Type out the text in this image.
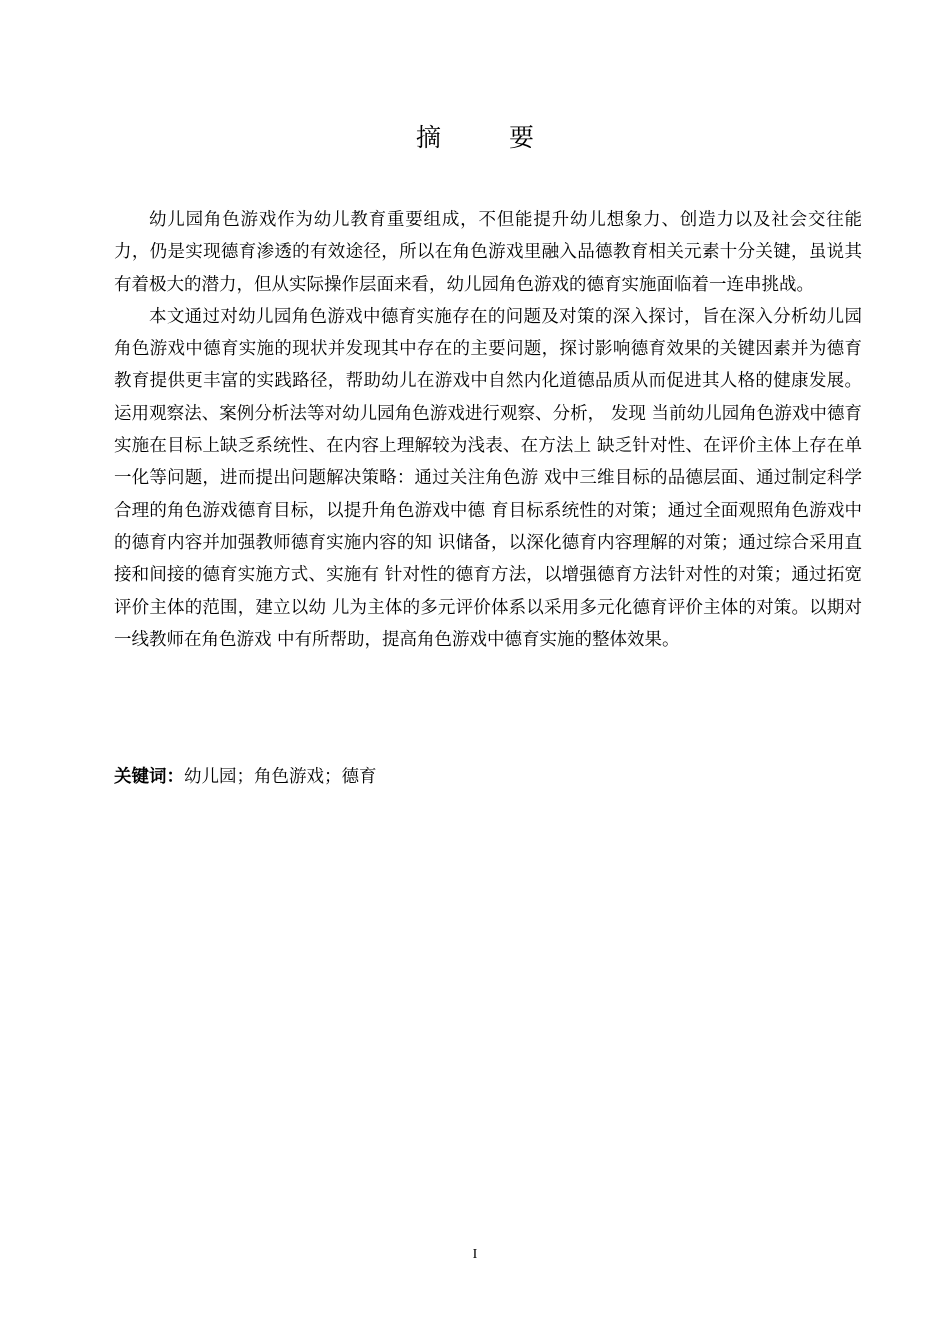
摘 要

幼儿园角色游戏作为幼儿教育重要组成，不但能提升幼儿想象力、创造力以及社会交往能力，仍是实现德育渗透的有效途径，所以在角色游戏里融入品德教育相关元素十分关键，虽说其有着极大的潜力，但从实际操作层面来看，幼儿园角色游戏的德育实施面临着一连串挑战。

本文通过对幼儿园角色游戏中德育实施存在的问题及对策的深入探讨，旨在深入分析幼儿园角色游戏中德育实施的现状并发现其中存在的主要问题，探讨影响德育效果的关键因素并为德育教育提供更丰富的实践路径，帮助幼儿在游戏中自然内化道德品质从而促进其人格的健康发展。运用观察法、案例分析法等对幼儿园角色游戏进行观察、分析， 发现 当前幼儿园角色游戏中德育实施在目标上缺乏系统性、在内容上理解较为浅表、在方法上 缺乏针对性、在评价主体上存在单一化等问题，进而提出问题解决策略：通过关注角色游 戏中三维目标的品德层面、通过制定科学合理的角色游戏德育目标，以提升角色游戏中德 育目标系统性的对策；通过全面观照角色游戏中的德育内容并加强教师德育实施内容的知 识储备，以深化德育内容理解的对策；通过综合采用直接和间接的德育实施方式、实施有 针对性的德育方法，以增强德育方法针对性的对策；通过拓宽评价主体的范围，建立以幼 儿为主体的多元评价体系以采用多元化德育评价主体的对策。以期对一线教师在角色游戏 中有所帮助，提高角色游戏中德育实施的整体效果。

关键词：幼儿园；角色游戏；德育
I
